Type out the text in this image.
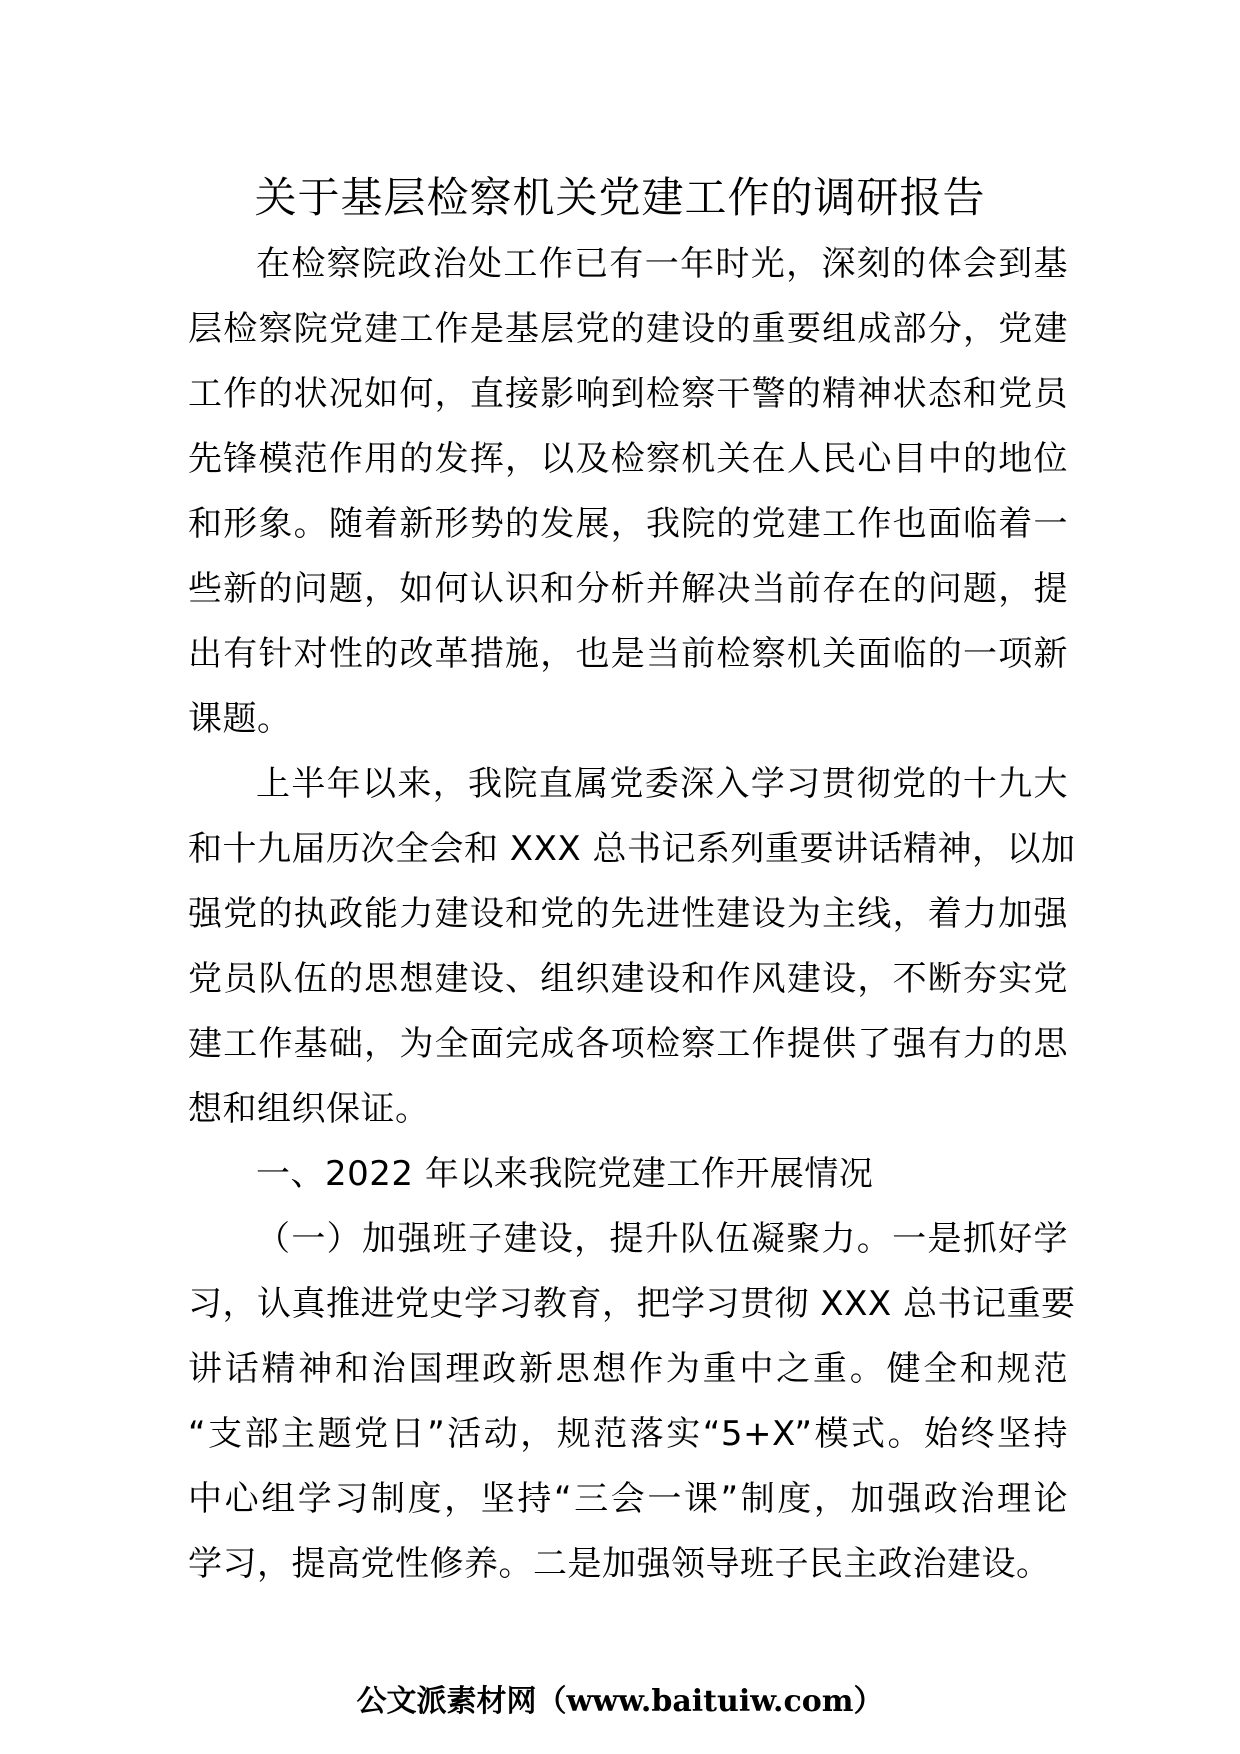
关于基层检察机关党建工作的调研报告
在检察院政治处工作已有一年时光，深刻的体会到基
层检察院党建工作是基层党的建设的重要组成部分，党建
工作的状况如何，直接影响到检察干警的精神状态和党员
先锋模范作用的发挥，以及检察机关在人民心目中的地位
和形象。随着新形势的发展，我院的党建工作也面临着一
些新的问题，如何认识和分析并解决当前存在的问题，提
出有针对性的改革措施，也是当前检察机关面临的一项新
课题。
上半年以来，我院直属党委深入学习贯彻党的十九大
和十九届历次全会和 XXX 总书记系列重要讲话精神，以加
强党的执政能力建设和党的先进性建设为主线，着力加强
党员队伍的思想建设、组织建设和作风建设，不断夯实党
建工作基础，为全面完成各项检察工作提供了强有力的思
想和组织保证。
一、2022 年以来我院党建工作开展情况
（一）加强班子建设，提升队伍凝聚力。一是抓好学
习，认真推进党史学习教育，把学习贯彻 XXX 总书记重要
讲话精神和治国理政新思想作为重中之重。健全和规范
“支部主题党日”活动，规范落实“5+X”模式。始终坚持
中心组学习制度，坚持“三会一课”制度，加强政治理论
学习，提高党性修养。二是加强领导班子民主政治建设。
公文派素材网（www.baituiw.com）
